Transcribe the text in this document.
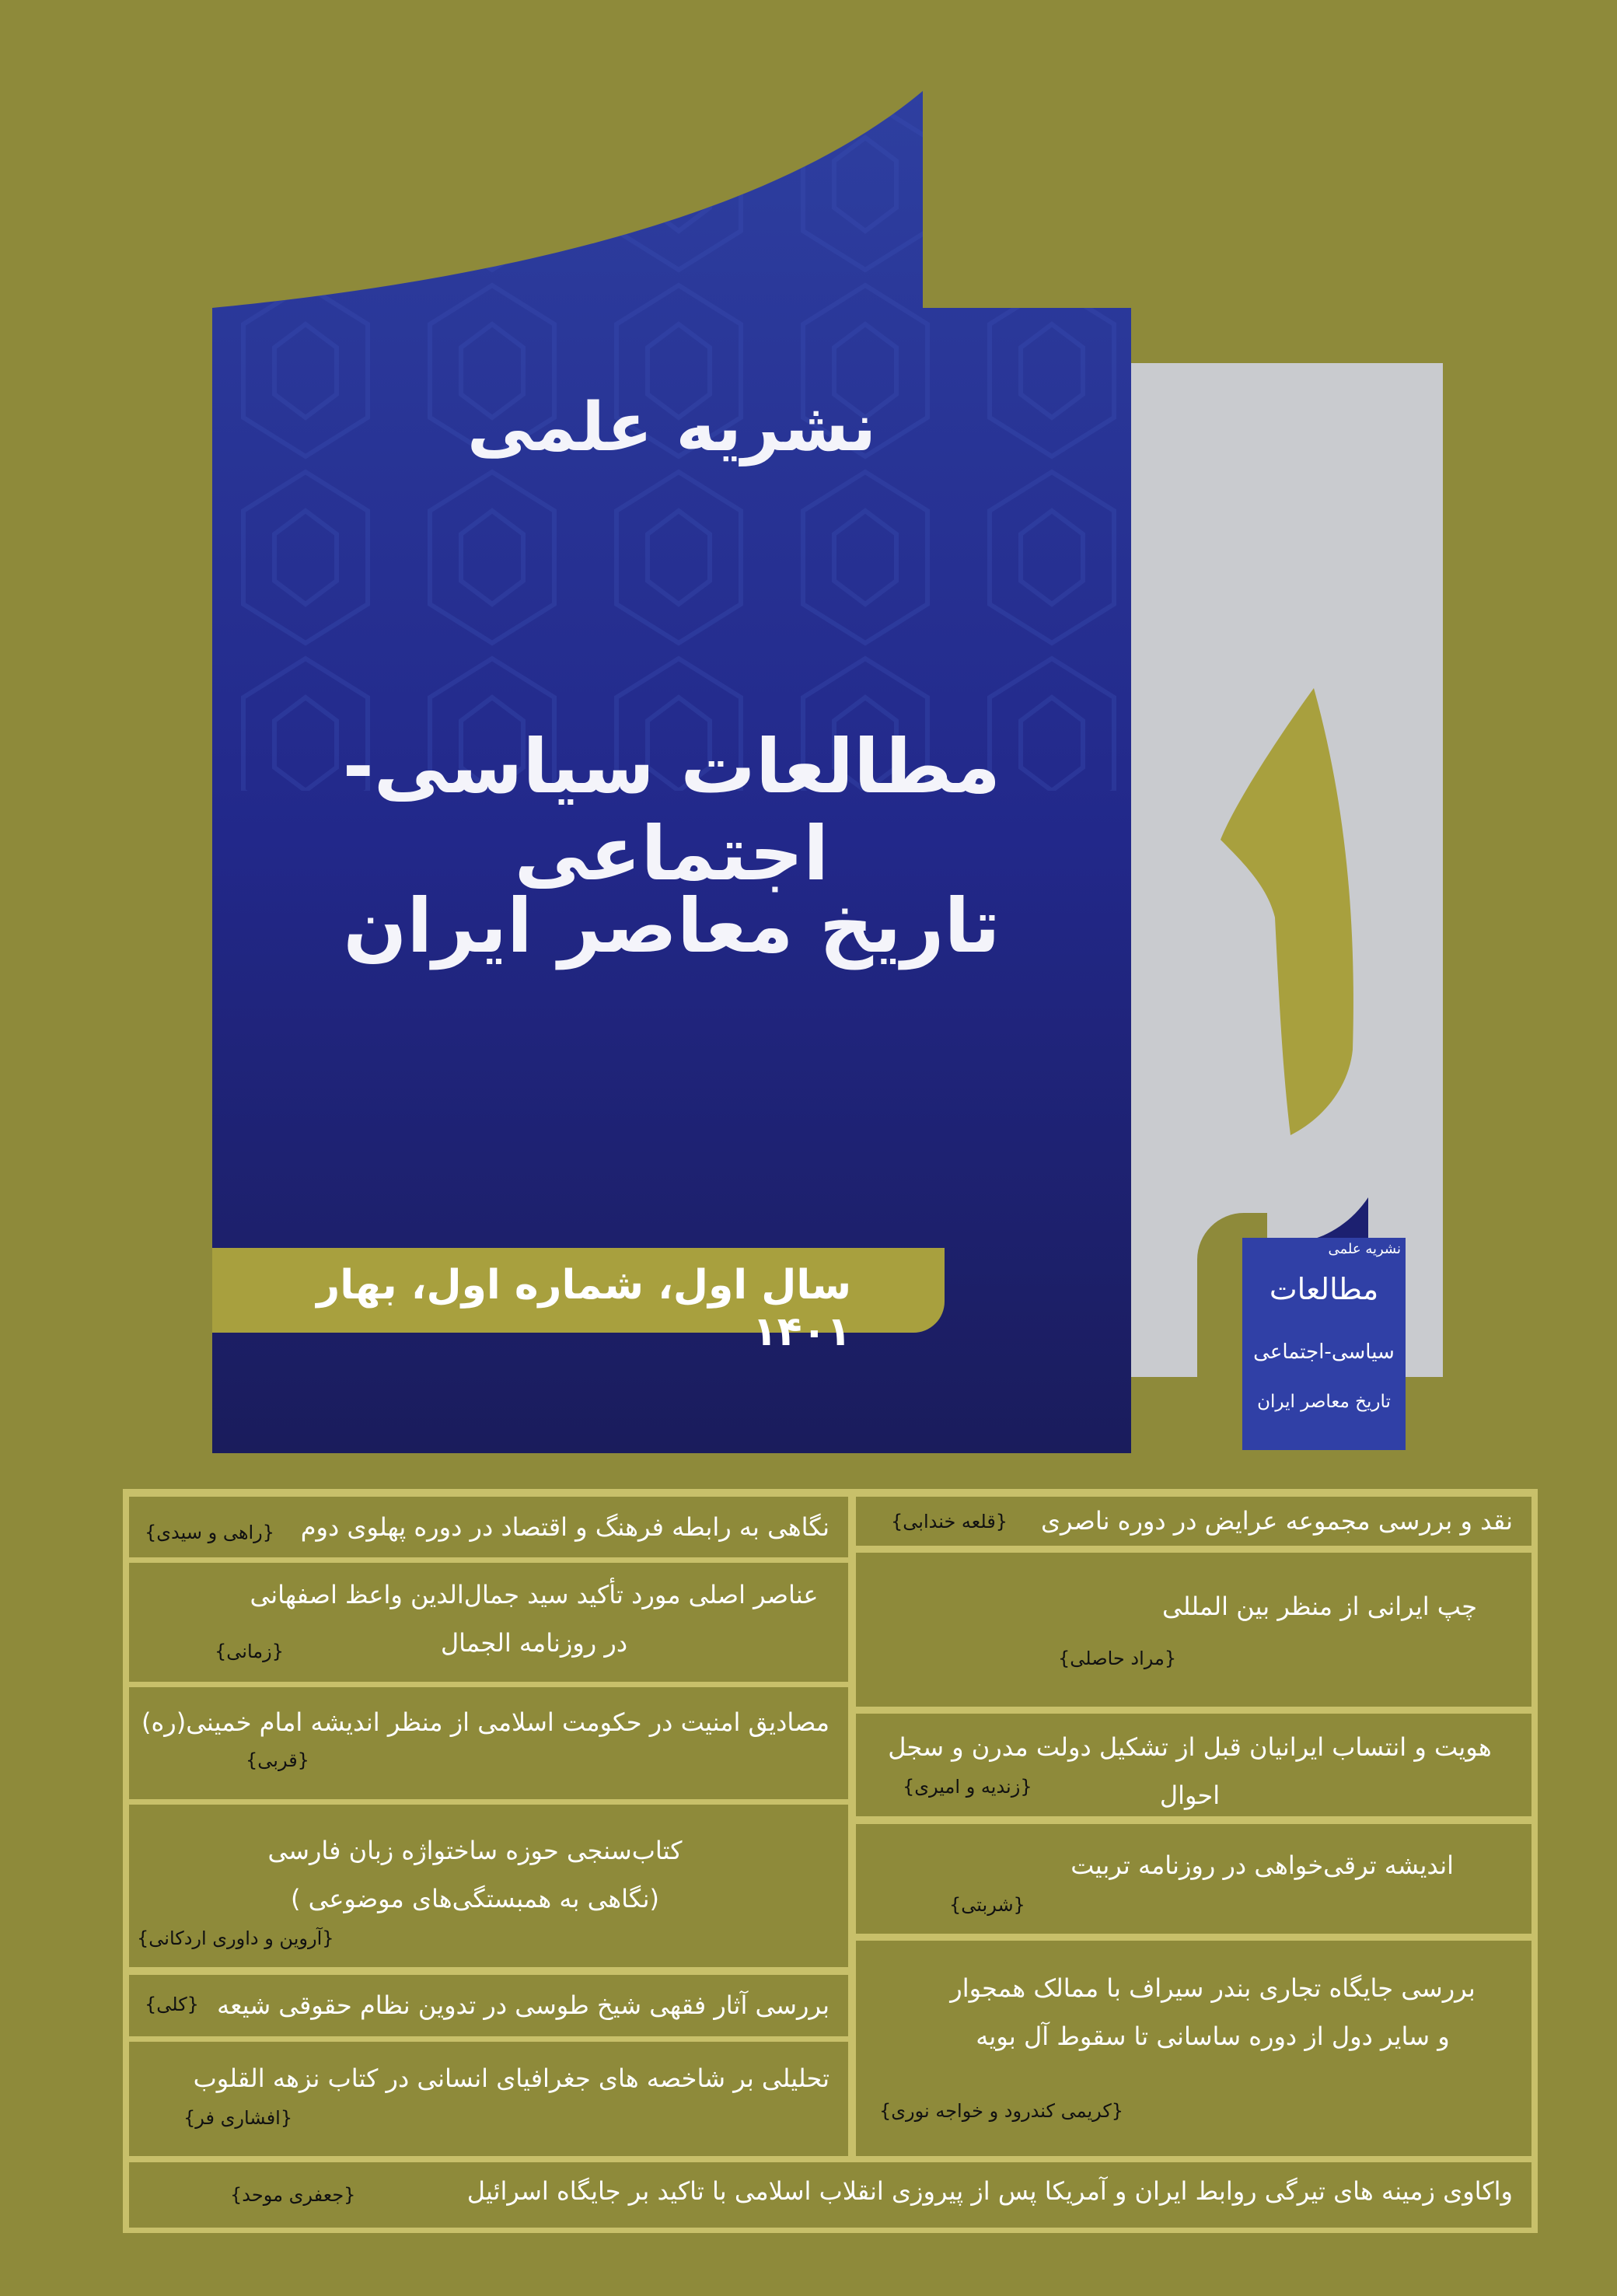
نشریه علمی
مطالعات سیاسی-اجتماعی
تاریخ معاصر ایران
سال اول، شماره اول، بهار ۱۴۰۱
نشریه علمی
مطالعات
سیاسی-اجتماعی
تاریخ معاصر ایران
نگاهی به رابطه فرهنگ و اقتصاد در دوره پهلوی دوم
{راهی و سیدی}
عناصر اصلی مورد تأکید سید جمال‌الدین واعظ اصفهانی در روزنامه الجمال
{زمانی}
مصادیق امنیت در حکومت اسلامی از منظر اندیشه امام خمینی(ره)
{قربی}
کتاب‌سنجی حوزه ساختواژه زبان فارسی (نگاهی به همبستگی‌های موضوعی )
{آروین و داوری اردکانی}
بررسی آثار فقهی شیخ طوسی در تدوین نظام حقوقی شیعه
{کلی}
تحلیلی بر شاخصه های جغرافیای انسانی در کتاب نزهه القلوب
{افشاری فر}
نقد و بررسی مجموعه عرایض در دوره ناصری
{قلعه خندابی}
چپ ایرانی از منظر بین المللی
{مراد حاصلی}
هویت و انتساب ایرانیان قبل از تشکیل دولت مدرن و سجل احوال
{زندیه و امیری}
اندیشه ترقی‌خواهی در روزنامه تربیت
{شربتی}
بررسی جایگاه تجاری بندر سیراف با ممالک همجوار و سایر دول از دوره ساسانی تا سقوط آل بویه
{کریمی کندرود و خواجه نوری}
واکاوی زمینه های تیرگی روابط ایران و آمریکا پس از پیروزی انقلاب اسلامی با تاکید بر جایگاه اسرائیل
{جعفری موحد}
